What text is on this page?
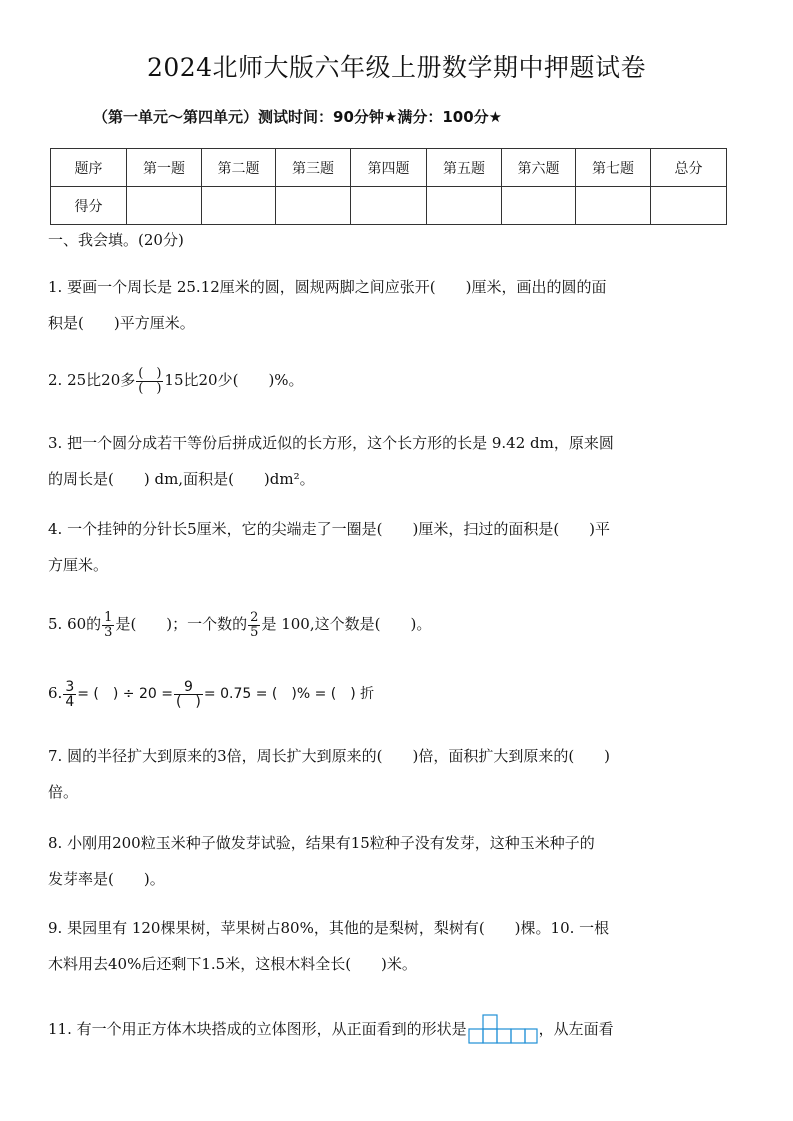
2024北师大版六年级上册数学期中押题试卷
（第一单元～第四单元）测试时间：90分钟★满分：100分★
题序	第一题	第二题	第三题	第四题	第五题	第六题	第七题	总分
得分								
一、我会填。(20分)
1. 要画一个周长是 25.12厘米的圆，圆规两脚之间应张开(　　)厘米，画出的圆的面
积是(　　)平方厘米。
2. 25比20多 $\frac{( )}{( )} 15$比20少(　　)%。
3. 把一个圆分成若干等份后拼成近似的长方形，这个长方形的长是 9.42 dm，原来圆
的周长是(　　) dm,面积是(　　)dm²。
4. 一个挂钟的分针长5厘米，它的尖端走了一圈是(　　)厘米，扫过的面积是(　　)平
方厘米。
5. 60的 $\frac{1}{3}$ 是(　　)；一个数的 $\frac{2}{5}$ 是 100,这个数是(　　)。
6. $\frac{3}{4}$ = (　) ÷ $20 = \frac{9}{( )} = 0.75$ = (　)% = (　) 折
7. 圆的半径扩大到原来的3倍，周长扩大到原来的(　　)倍，面积扩大到原来的(　　)
倍。
8. 小刚用200粒玉米种子做发芽试验，结果有15粒种子没有发芽，这种玉米种子的
发芽率是(　　)。
9. 果园里有 120棵果树，苹果树占80%，其他的是梨树，梨树有(　　)棵。10. 一根
木料用去40%后还剩下1.5米，这根木料全长(　　)米。
11. 有一个用正方体木块搭成的立体图形，从正面看到的形状是	，从左面看
